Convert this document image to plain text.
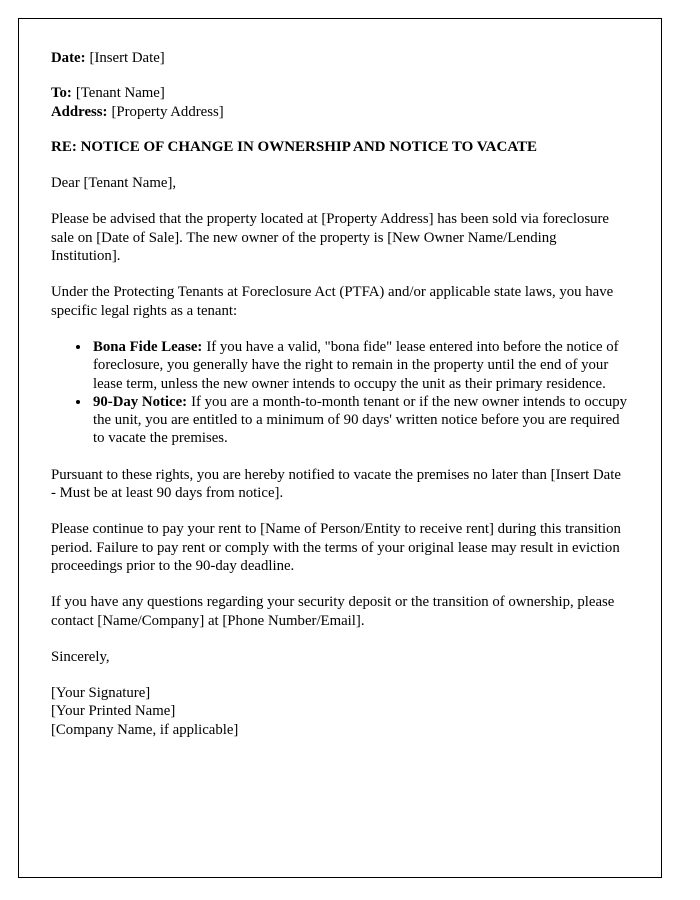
Date: [Insert Date]

To: [Tenant Name]

Address: [Property Address]

RE: NOTICE OF CHANGE IN OWNERSHIP AND NOTICE TO VACATE

Dear [Tenant Name],

Please be advised that the property located at [Property Address] has been sold via foreclosure sale on [Date of Sale]. The new owner of the property is [New Owner Name/Lending Institution].

Under the Protecting Tenants at Foreclosure Act (PTFA) and/or applicable state laws, you have specific legal rights as a tenant:

• Bona Fide Lease: If you have a valid, "bona fide" lease entered into before the notice of foreclosure, you generally have the right to remain in the property until the end of your lease term, unless the new owner intends to occupy the unit as their primary residence.
• 90-Day Notice: If you are a month-to-month tenant or if the new owner intends to occupy the unit, you are entitled to a minimum of 90 days' written notice before you are required to vacate the premises.

Pursuant to these rights, you are hereby notified to vacate the premises no later than [Insert Date - Must be at least 90 days from notice].

Please continue to pay your rent to [Name of Person/Entity to receive rent] during this transition period. Failure to pay rent or comply with the terms of your original lease may result in eviction proceedings prior to the 90-day deadline.

If you have any questions regarding your security deposit or the transition of ownership, please contact [Name/Company] at [Phone Number/Email].

Sincerely,

[Your Signature]

[Your Printed Name]

[Company Name, if applicable]
